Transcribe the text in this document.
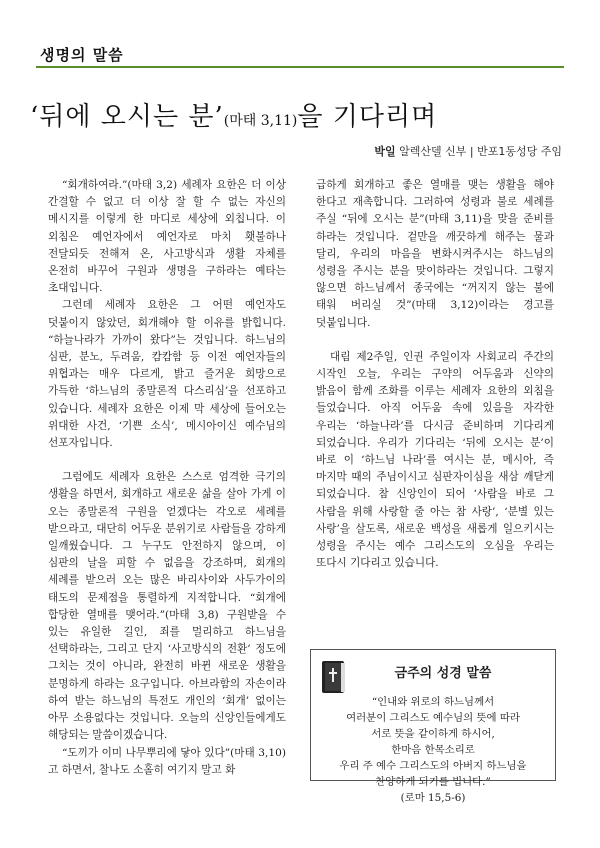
생명의 말씀
‘뒤에 오시는 분’(마태 3,11)을 기다리며
박일 알렉산델 신부 | 반포1동성당 주임

“회개하여라.”(마태 3,2) 세례자 요한은 더 이상 간결할 수 없고 더 이상 잘 할 수 없는 자신의 메시지를 이렇게 한 마디로 세상에 외칩니다. 이 외침은 예언자에서 예언자로 마치 횃불하나 전달되듯 전해져 온, 사고방식과 생활 자체를 온전히 바꾸어 구원과 생명을 구하라는 예타는 초대입니다.

그런데 세례자 요한은 그 어떤 예언자도 덧붙이지 않았던, 회개해야 할 이유를 밝힙니다. “하늘나라가 가까이 왔다”는 것입니다. 하느님의 심판, 분노, 두려움, 캄캄함 등 이전 예언자들의 위협과는 매우 다르게, 밝고 즐거운 희망으로 가득한 ‘하느님의 종말론적 다스리심’을 선포하고 있습니다. 세례자 요한은 이제 막 세상에 들어오는 위대한 사건, ‘기쁜 소식’, 메시아이신 예수님의 선포자입니다.

그럼에도 세례자 요한은 스스로 엄격한 극기의 생활을 하면서, 회개하고 새로운 삶을 살아 가게 이 오는 종말론적 구원을 얻겠다는 각오로 세례를 받으라고, 대단히 어두운 분위기로 사람들을 강하게 일깨웠습니다. 그 누구도 안전하지 않으며, 이 심판의 날을 피할 수 없음을 강조하며, 회개의 세례를 받으러 오는 많은 바리사이와 사두가이의 태도의 문제점을 통렬하게 지적합니다. “회개에 합당한 열매를 맺어라.”(마태 3,8) 구원받을 수 있는 유일한 길인, 죄를 멀리하고 하느님을 선택하라는, 그리고 단지 ‘사고방식의 전환’ 정도에 그치는 것이 아니라, 완전히 바뀐 새로운 생활을 분명하게 하라는 요구입니다. 아브라함의 자손이라 하여 받는 하느님의 특전도 개인의 ‘회개’ 없이는 아무 소용없다는 것입니다. 오늘의 신앙인들에게도 해당되는 말씀이겠습니다.

“도끼가 이미 나무뿌리에 닿아 있다”(마태 3,10)고 하면서, 찰나도 소홀히 여기지 말고 화

급하게 회개하고 좋은 열매를 맺는 생활을 해야 한다고 재촉합니다. 그러하여 성령과 불로 세례를 주실 “뒤에 오시는 분”(마태 3,11)을 맞을 준비를 하라는 것입니다. 겉만을 깨끗하게 해주는 물과 달리, 우리의 마음을 변화시켜주시는 하느님의 성령을 주시는 분을 맞이하라는 것입니다. 그렇지 않으면 하느님께서 종국에는 “꺼지지 않는 불에 태워 버리실 것”(마태 3,12)이라는 경고를 덧붙입니다.

대림 제2주일, 인권 주일이자 사회교리 주간의 시작인 오늘, 우리는 구약의 어두움과 신약의 밝음이 함께 조화를 이루는 세례자 요한의 외침을 들었습니다. 아직 어두움 속에 있음을 자각한 우리는 ‘하늘나라’를 다시금 준비하며 기다리게 되었습니다. 우리가 기다리는 ‘뒤에 오시는 분’이 바로 이 ‘하느님 나라’를 여시는 분, 메시아, 즉 마지막 때의 주님이시고 심판자이심을 새삼 깨닫게 되었습니다. 참 신앙인이 되어 ‘사람을 바로 그 사람을 위해 사랑할 줄 아는 참 사랑’, ‘분별 있는 사랑’을 살도록, 새로운 백성을 새롭게 일으키시는 성령을 주시는 예수 그리스도의 오심을 우리는 또다시 기다리고 있습니다.

금주의 성경 말씀
“인내와 위로의 하느님께서
여러분이 그리스도 예수님의 뜻에 따라
서로 뜻을 같이하게 하시어,
한마음 한목소리로
우리 주 예수 그리스도의 아버지 하느님을
찬양하게 되기를 빕니다.”
(로마 15,5-6)
